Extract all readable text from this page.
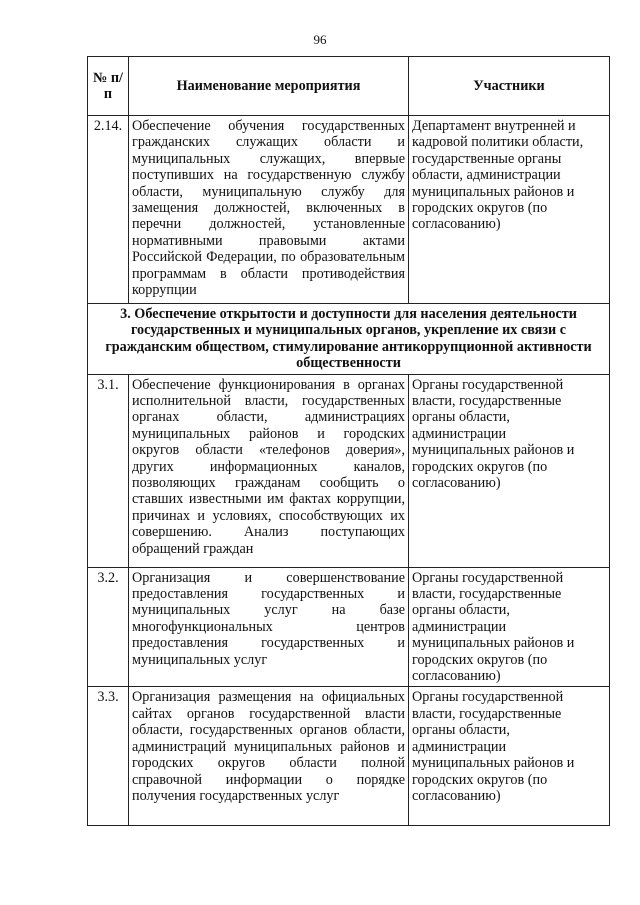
96
№ п/п	Наименование мероприятия	Участники
2.14.	Обеспечение обучения государственных гражданских служащих области и муниципальных служащих, впервые поступивших на государственную службу области, муниципальную службу для замещения должностей, включенных в перечни должностей, установленные нормативными правовыми актами Российской Федерации, по образовательным программам в области противодействия коррупции	Департамент внутренней и кадровой политики области, государственные органы области, администрации муниципальных районов и городских округов (по согласованию)
3. Обеспечение открытости и доступности для населения деятельности государственных и муниципальных органов, укрепление их связи с гражданским обществом, стимулирование антикоррупционной активности общественности		
3.1.	Обеспечение функционирования в органах исполнительной власти, государственных органах области, администрациях муниципальных районов и городских округов области «телефонов доверия», других информационных каналов, позволяющих гражданам сообщить о ставших известными им фактах коррупции, причинах и условиях, способствующих их совершению. Анализ поступающих обращений граждан	Органы государственной власти, государственные органы области, администрации муниципальных районов и городских округов (по согласованию)
3.2.	Организация и совершенствование предоставления государственных и муниципальных услуг на базе многофункциональных центров предоставления государственных и муниципальных услуг	Органы государственной власти, государственные органы области, администрации муниципальных районов и городских округов (по согласованию)
3.3.	Организация размещения на официальных сайтах органов государственной власти области, государственных органов области, администраций муниципальных районов и городских округов области полной справочной информации о порядке получения государственных услуг	Органы государственной власти, государственные органы области, администрации муниципальных районов и городских округов (по согласованию)
